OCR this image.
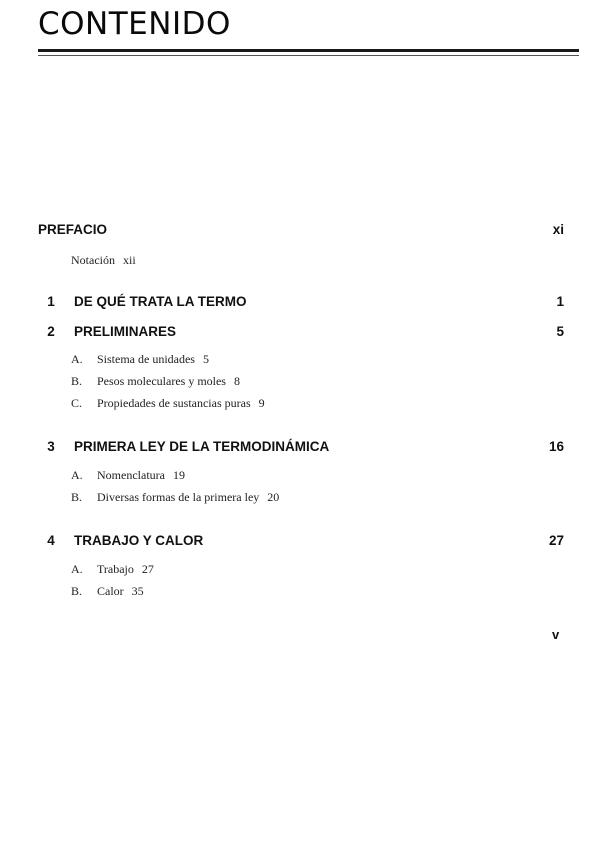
CONTENIDO
PREFACIO	xi
Notación xii
1	DE QUÉ TRATA LA TERMO	1
2	PRELIMINARES	5
A. Sistema de unidades 5
B. Pesos moleculares y moles 8
C. Propiedades de sustancias puras 9
3	PRIMERA LEY DE LA TERMODINÁMICA	16
A. Nomenclatura 19
B. Diversas formas de la primera ley 20
4	TRABAJO Y CALOR	27
A. Trabajo 27
B. Calor 35
v
